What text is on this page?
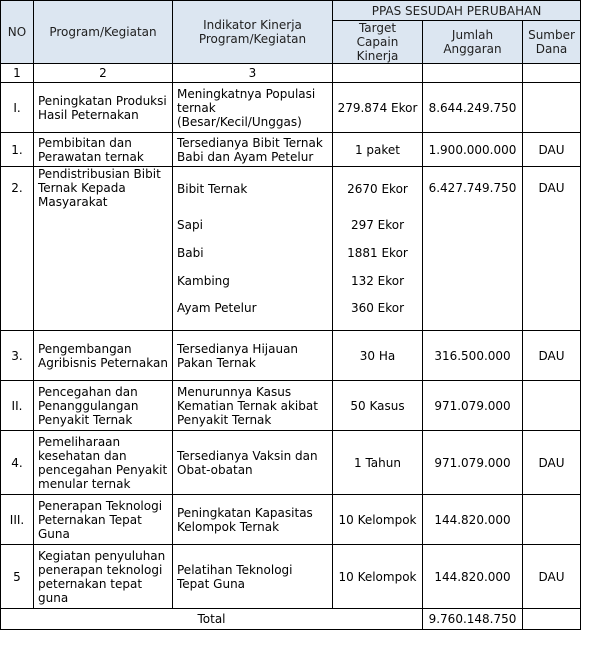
NO	Program/Kegiatan	Indikator Kinerja Program/Kegiatan	PPAS SESUDAH PERUBAHAN		
			Target Capain Kinerja	Jumlah Anggaran	Sumber Dana
1	2	3			
I.	Peningkatan Produksi Hasil Peternakan	Meningkatnya Populasi ternak (Besar/Kecil/Unggas)	279.874 Ekor	8.644.249.750	
1.	Pembibitan dan Perawatan ternak	Tersedianya Bibit Ternak Babi dan Ayam Petelur	1 paket	1.900.000.000	DAU
2.	Pendistribusian Bibit Ternak Kepada Masyarakat	Bibit Ternak	2670 Ekor	6.427.749.750	DAU
		Sapi	297 Ekor		
		Babi	1881 Ekor		
		Kambing	132 Ekor		
		Ayam Petelur	360 Ekor		
3.	Pengembangan Agribisnis Peternakan	Tersedianya Hijauan Pakan Ternak	30 Ha	316.500.000	DAU
II.	Pencegahan dan Penanggulangan Penyakit Ternak	Menurunnya Kasus Kematian Ternak akibat Penyakit Ternak	50 Kasus	971.079.000	
4.	Pemeliharaan kesehatan dan pencegahan Penyakit menular ternak	Tersedianya Vaksin dan Obat-obatan	1 Tahun	971.079.000	DAU
III.	Penerapan Teknologi Peternakan Tepat Guna	Peningkatan Kapasitas Kelompok Ternak	10 Kelompok	144.820.000	
5	Kegiatan penyuluhan penerapan teknologi peternakan tepat guna	Pelatihan Teknologi Tepat Guna	10 Kelompok	144.820.000	DAU
Total				9.760.148.750	
